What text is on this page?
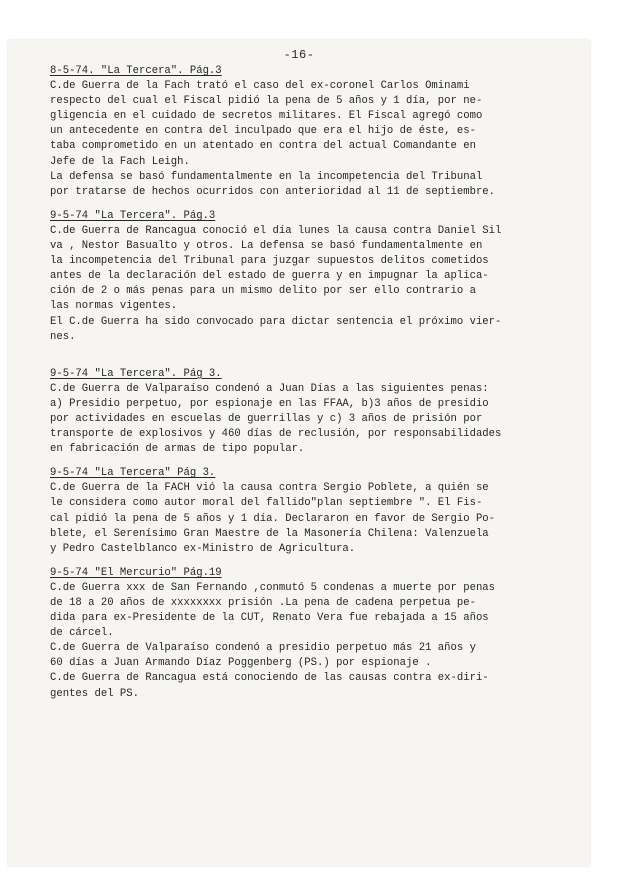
-16-
8-5-74. "La Tercera". Pág.3
C.de Guerra de la Fach trató el caso del ex-coronel Carlos Ominami
respecto del cual el Fiscal pidió la pena de 5 años y 1 día, por ne-
gligencia en el cuidado de secretos militares. El Fiscal agregó como
un antecedente en contra del inculpado que era el hijo de éste, es-
taba comprometido en un atentado en contra del actual Comandante en
Jefe de la Fach Leigh.
La defensa se basó fundamentalmente en la incompetencia del Tribunal
por tratarse de hechos ocurridos con anterioridad al 11 de septiembre.
9-5-74 "La Tercera". Pág.3
C.de Guerra de Rancagua conoció el día lunes la causa contra Daniel Sil
va , Nestor Basualto y otros. La defensa se basó fundamentalmente en
la incompetencia del Tribunal para juzgar supuestos delitos cometidos
antes de la declaración del estado de guerra y en impugnar la aplica-
ción de 2 o más penas para un mismo delito por ser ello contrario a
las normas vigentes.
El C.de Guerra ha sido convocado para dictar sentencia el próximo vier-
nes.
9-5-74 "La Tercera". Pág 3.
C.de Guerra de Valparaíso condenó a Juan Días a las siguientes penas:
a) Presidio perpetuo, por espionaje en las FFAA, b)3 años de presidio
por actividades en escuelas de guerrillas y c) 3 años de prisión por
transporte de explosivos y 460 días de reclusión, por responsabilidades
en fabricación de armas de tipo popular.
9-5-74 "La Tercera" Pág 3.
C.de Guerra de la FACH vió la causa contra Sergio Poblete, a quién se
le considera como autor moral del fallido"plan septiembre ". El Fis-
cal pidió la pena de 5 años y 1 día. Declararon en favor de Sergio Po-
blete, el Serenísimo Gran Maestre de la Masonería Chilena: Valenzuela
y Pedro Castelblanco ex-Ministro de Agricultura.
9-5-74 "El Mercurio" Pág.19
C.de Guerra xxx de San Fernando ,conmutó 5 condenas a muerte por penas
de 18 a 20 años de xxxxxxxx prisión .La pena de cadena perpetua pe-
dida para ex-Presidente de la CUT, Renato Vera fue rebajada a 15 años
de cárcel.
C.de Guerra de Valparaíso condenó a presidio perpetuo más 21 años y
60 días a Juan Armando Díaz Poggenberg (PS.) por espionaje .
C.de Guerra de Rancagua está conociendo de las causas contra ex-diri-
gentes del PS.
